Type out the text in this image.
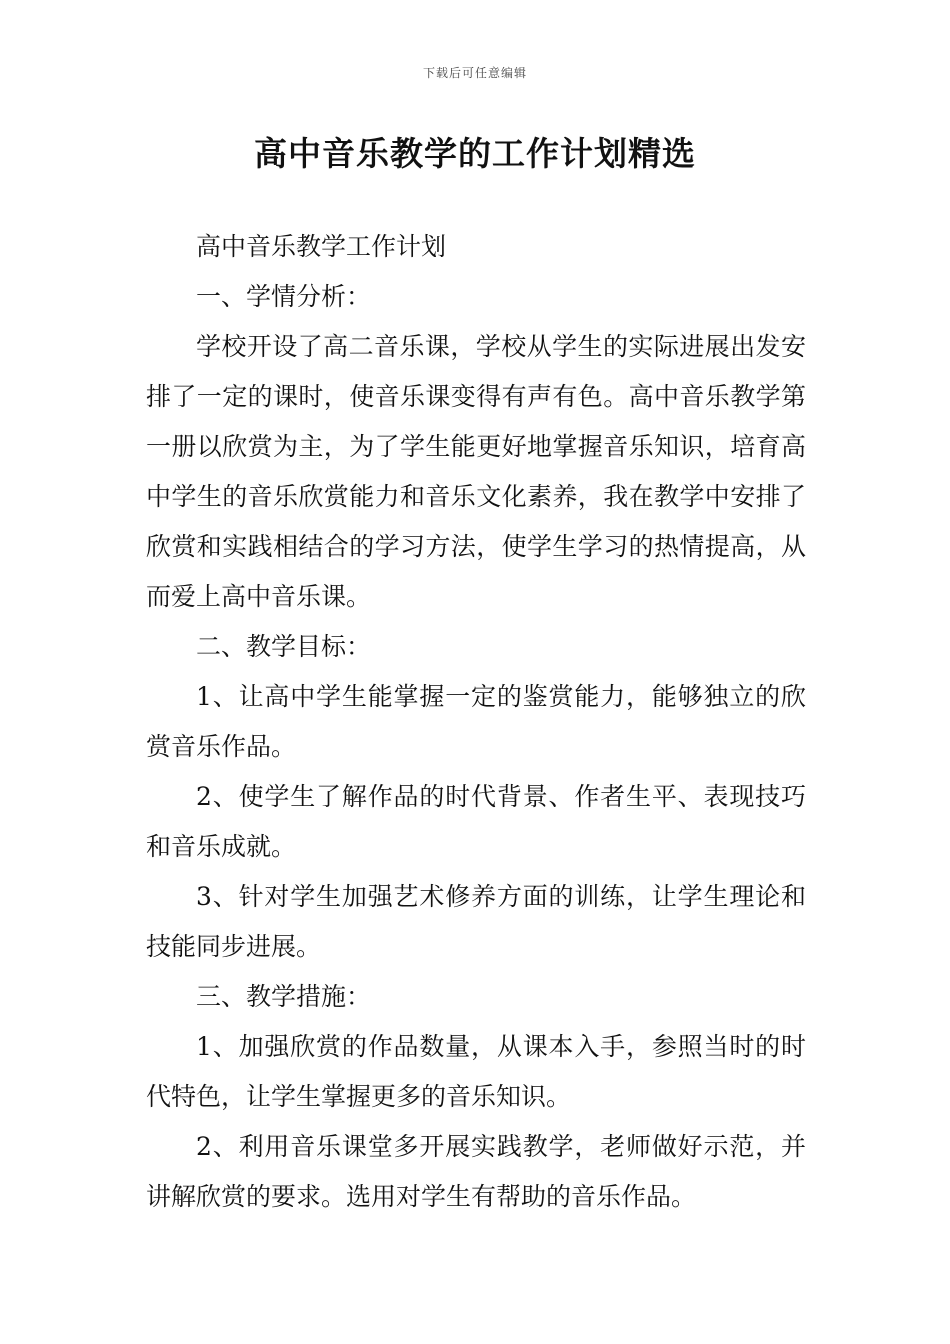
下载后可任意编辑
高中音乐教学的工作计划精选

高中音乐教学工作计划

一、学情分析：

学校开设了高二音乐课，学校从学生的实际进展出发安排了一定的课时，使音乐课变得有声有色。高中音乐教学第一册以欣赏为主，为了学生能更好地掌握音乐知识，培育高中学生的音乐欣赏能力和音乐文化素养，我在教学中安排了欣赏和实践相结合的学习方法，使学生学习的热情提高，从而爱上高中音乐课。

二、教学目标：

1、让高中学生能掌握一定的鉴赏能力，能够独立的欣赏音乐作品。

2、使学生了解作品的时代背景、作者生平、表现技巧和音乐成就。

3、针对学生加强艺术修养方面的训练，让学生理论和技能同步进展。

三、教学措施：

1、加强欣赏的作品数量，从课本入手，参照当时的时代特色，让学生掌握更多的音乐知识。

2、利用音乐课堂多开展实践教学，老师做好示范，并讲解欣赏的要求。选用对学生有帮助的音乐作品。
